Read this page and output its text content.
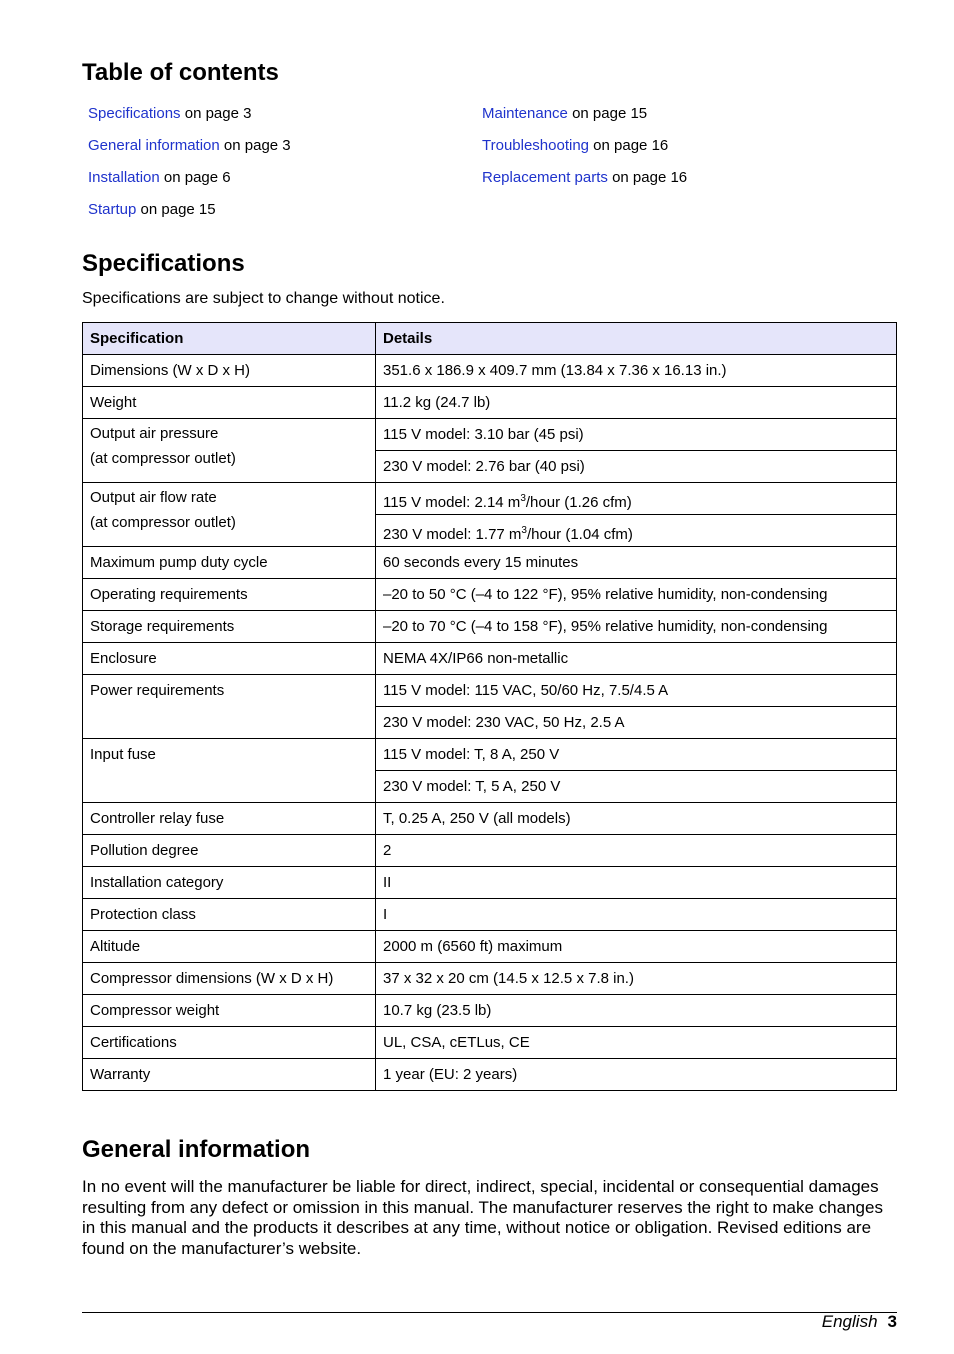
Table of contents
Specifications on page 3
General information on page 3
Installation on page 6
Startup on page 15
Maintenance on page 15
Troubleshooting on page 16
Replacement parts on page 16
Specifications
Specifications are subject to change without notice.
Specification	Details

Dimensions (W x D x H)	351.6 x 186.9 x 409.7 mm (13.84 x 7.36 x 16.13 in.)

Weight	11.2 kg (24.7 lb)

Output air pressure
(at compressor outlet)	115 V model: 3.10 bar (45 psi)
	230 V model: 2.76 bar (40 psi)

Output air flow rate
(at compressor outlet)	115 V model: 2.14 $m^3$/hour (1.26 cfm)
	230 V model: 1.77 $m^3$/hour (1.04 cfm)

Maximum pump duty cycle	60 seconds every 15 minutes

Operating requirements	–20 to 50 °C (–4 to 122 °F), 95% relative humidity, non-condensing

Storage requirements	–20 to 70 °C (–4 to 158 °F), 95% relative humidity, non-condensing

Enclosure	NEMA 4X/IP66 non-metallic

Power requirements	115 V model: 115 VAC, 50/60 Hz, 7.5/4.5 A
	230 V model: 230 VAC, 50 Hz, 2.5 A

Input fuse	115 V model: T, 8 A, 250 V
	230 V model: T, 5 A, 250 V

Controller relay fuse	T, 0.25 A, 250 V (all models)

Pollution degree	2

Installation category	II

Protection class	I

Altitude	2000 m (6560 ft) maximum

Compressor dimensions (W x D x H)	37 x 32 x 20 cm (14.5 x 12.5 x 7.8 in.)

Compressor weight	10.7 kg (23.5 lb)

Certifications	UL, CSA, cETLus, CE

Warranty	1 year (EU: 2 years)
General information
In no event will the manufacturer be liable for direct, indirect, special, incidental or consequential damages resulting from any defect or omission in this manual. The manufacturer reserves the right to make changes in this manual and the products it describes at any time, without notice or obligation. Revised editions are found on the manufacturer’s website.
English 3
